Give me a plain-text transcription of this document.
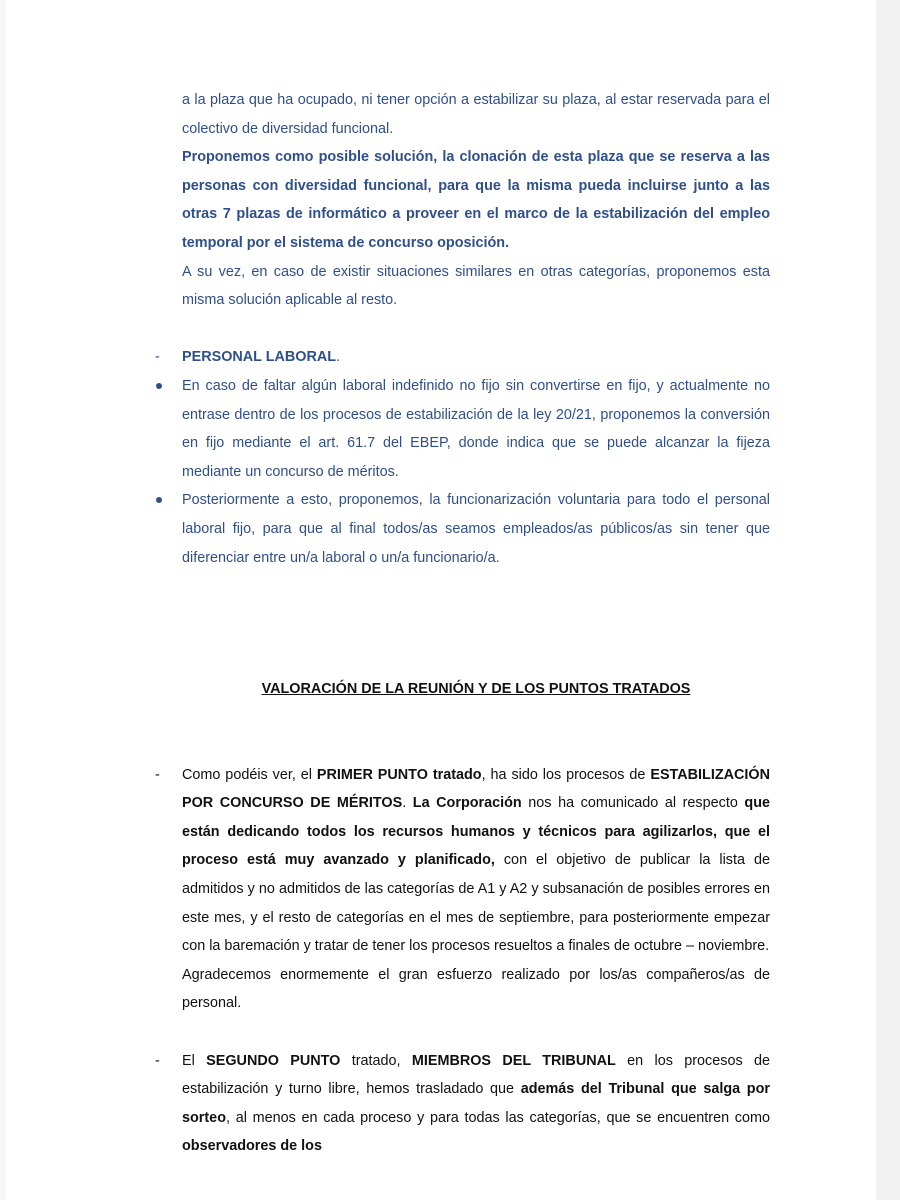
a la plaza que ha ocupado, ni tener opción a estabilizar su plaza, al estar reservada para el colectivo de diversidad funcional.

Proponemos como posible solución, la clonación de esta plaza que se reserva a las personas con diversidad funcional, para que la misma pueda incluirse junto a las otras 7 plazas de informático a proveer en el marco de la estabilización del empleo temporal por el sistema de concurso oposición.

A su vez, en caso de existir situaciones similares en otras categorías, proponemos esta misma solución aplicable al resto.

- PERSONAL LABORAL.

En caso de faltar algún laboral indefinido no fijo sin convertirse en fijo, y actualmente no entrase dentro de los procesos de estabilización de la ley 20/21, proponemos la conversión en fijo mediante el art. 61.7 del EBEP, donde indica que se puede alcanzar la fijeza mediante un concurso de méritos.

Posteriormente a esto, proponemos, la funcionarización voluntaria para todo el personal laboral fijo, para que al final todos/as seamos empleados/as públicos/as sin tener que diferenciar entre un/a laboral o un/a funcionario/a.

VALORACIÓN DE LA REUNIÓN Y DE LOS PUNTOS TRATADOS

- Como podéis ver, el PRIMER PUNTO tratado, ha sido los procesos de ESTABILIZACIÓN POR CONCURSO DE MÉRITOS. La Corporación nos ha comunicado al respecto que están dedicando todos los recursos humanos y técnicos para agilizarlos, que el proceso está muy avanzado y planificado, con el objetivo de publicar la lista de admitidos y no admitidos de las categorías de A1 y A2 y subsanación de posibles errores en este mes, y el resto de categorías en el mes de septiembre, para posteriormente empezar con la baremación y tratar de tener los procesos resueltos a finales de octubre – noviembre.

Agradecemos enormemente el gran esfuerzo realizado por los/as compañeros/as de personal.

- El SEGUNDO PUNTO tratado, MIEMBROS DEL TRIBUNAL en los procesos de estabilización y turno libre, hemos trasladado que además del Tribunal que salga por sorteo, al menos en cada proceso y para todas las categorías, que se encuentren como observadores de los
